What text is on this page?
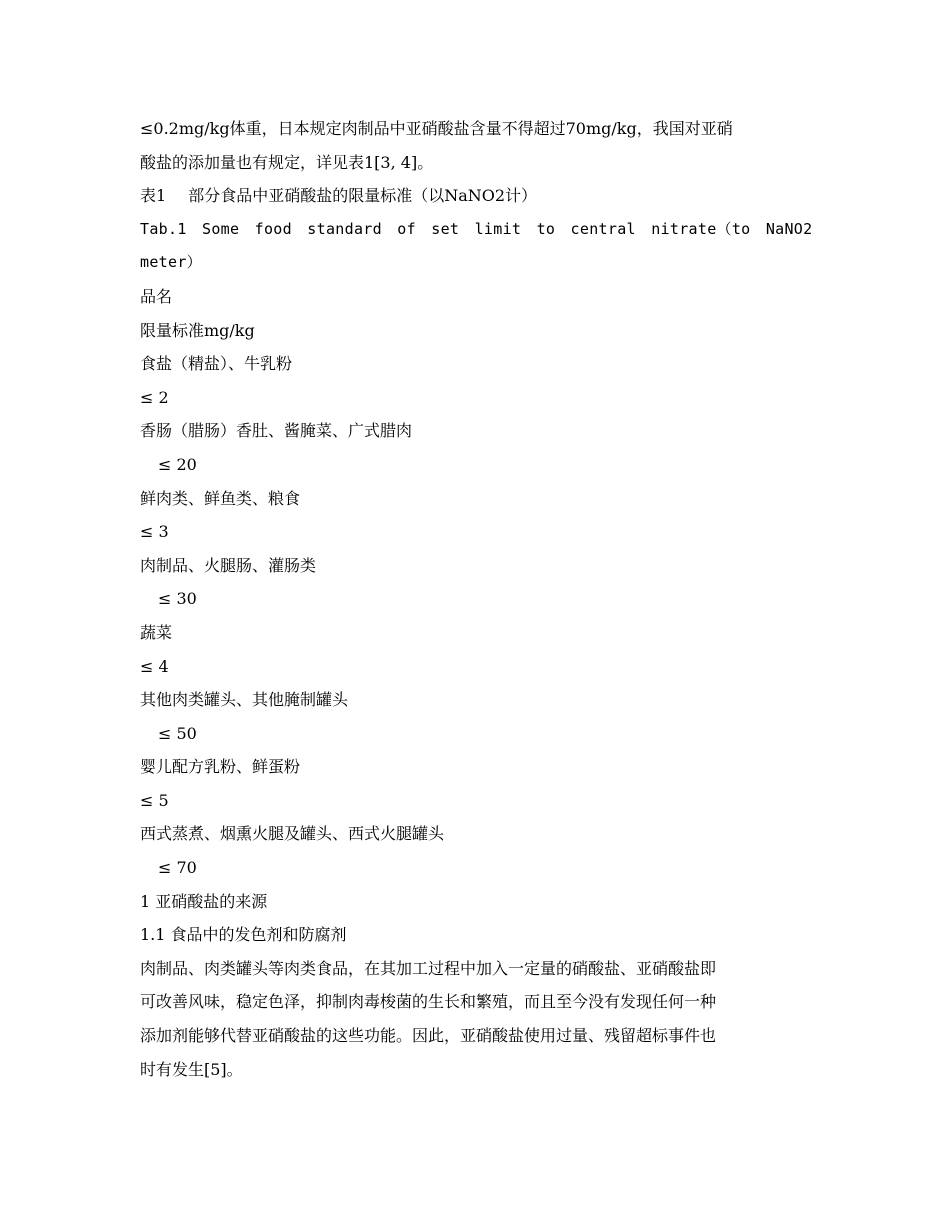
≤0.2mg/kg体重，日本规定肉制品中亚硝酸盐含量不得超过70mg/kg，我国对亚硝
酸盐的添加量也有规定，详见表1[3, 4]。
表1 部分食品中亚硝酸盐的限量标准（以NaNO2计）
Tab.1 Some food standard of set limit to central nitrate（to NaNO2
meter）
品名
限量标准mg/kg
食盐（精盐）、牛乳粉
≤ 2
香肠（腊肠）香肚、酱腌菜、广式腊肉
≤ 20
鲜肉类、鲜鱼类、粮食
≤ 3
肉制品、火腿肠、灌肠类
≤ 30
蔬菜
≤ 4
其他肉类罐头、其他腌制罐头
≤ 50
婴儿配方乳粉、鲜蛋粉
≤ 5
西式蒸煮、烟熏火腿及罐头、西式火腿罐头
≤ 70
1 亚硝酸盐的来源
1.1 食品中的发色剂和防腐剂
肉制品、肉类罐头等肉类食品，在其加工过程中加入一定量的硝酸盐、亚硝酸盐即
可改善风味，稳定色泽，抑制肉毒梭菌的生长和繁殖，而且至今没有发现任何一种
添加剂能够代替亚硝酸盐的这些功能。因此，亚硝酸盐使用过量、残留超标事件也
时有发生[5]。
